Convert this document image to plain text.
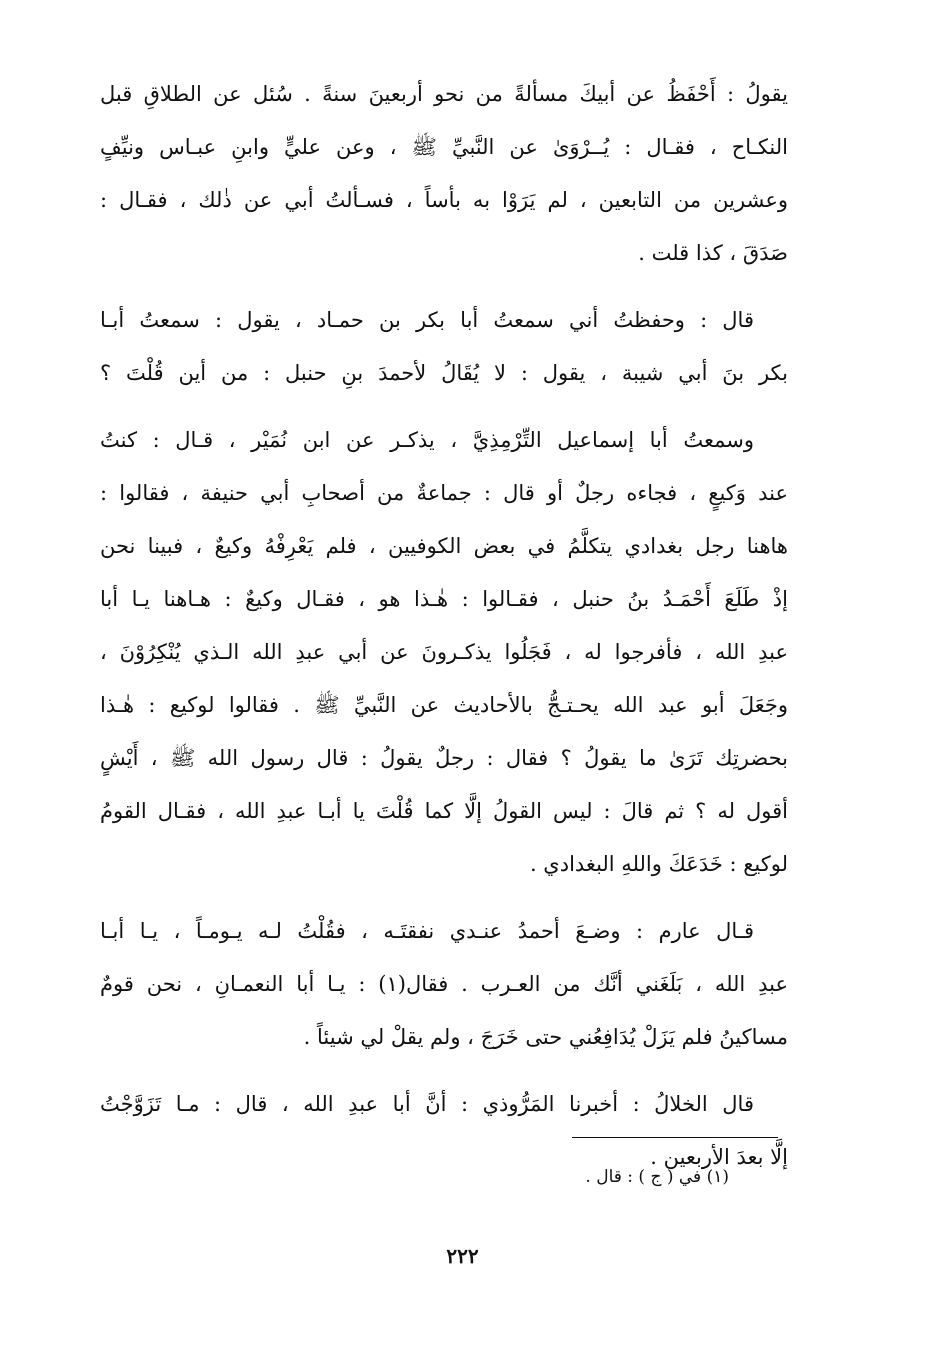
يقولُ : أَحْفَظُ عن أبيكَ مسألةً من نحو أربعينَ سنةً . سُئل عن الطلاقِ قبل
النكـاح ، فقـال : يُــرْوَىٰ عن النَّبيِّ ﷺ ، وعن عليٍّ وابنِ عبـاس ونيِّفٍ
وعشرين من التابعين ، لم يَرَوْا به بأساً ، فسـألتُ أبي عن ذٰلك ، فقـال :
صَدَقَ ، كذا قلت .
قال : وحفظتُ أني سمعتُ أبا بكر بن حمـاد ، يقول : سمعتُ أبـا
بكر بنَ أبي شيبة ، يقول : لا يُقَالُ لأحمدَ بنِ حنبل : من أين قُلْتَ ؟
وسمعتُ أبا إسماعيل التِّرْمِذِيَّ ، يذكـر عن ابن نُمَيْر ، قـال : كنتُ
عند وَكيعٍ ، فجاءه رجلٌ أو قال : جماعةٌ من أصحابِ أبي حنيفة ، فقالوا :
هاهنا رجل بغدادي يتكلَّمُ في بعض الكوفيين ، فلم يَعْرِفْهُ وكيعٌ ، فبينا نحن
إذْ طَلَعَ أَحْمَـدُ بنُ حنبل ، فقـالوا : هٰـذا هو ، فقـال وكيعٌ : هـاهنا يـا أبا
عبدِ الله ، فأفرجوا له ، فَجَلُوا يذكـرونَ عن أبي عبدِ الله الـذي يُنْكِرُوْنَ ،
وجَعَلَ أبو عبد الله يحـتـجُّ بالأحاديث عن النَّبيِّ ﷺ . فقالوا لوكيع : هٰـذا
بحضرتِك تَرَىٰ ما يقولُ ؟ فقال : رجلٌ يقولُ : قال رسول الله ﷺ ، أَيْشٍ
أقول له ؟ ثم قالَ : ليس القولُ إلَّا كما قُلْتَ يا أبـا عبدِ الله ، فقـال القومُ
لوكيع : خَدَعَكَ واللهِ البغدادي .
قـال عارم : وضـعَ أحمدُ عنـدي نفقتَـه ، فقُلْتُ لـه يـومـاً ، يـا أبـا
عبدِ الله ، بَلَغَني أنَّك من العـرب . فقال(١) : يـا أبا النعمـانِ ، نحن قومٌ
مساكينُ فلم يَزَلْ يُدَافِعُني حتى خَرَجَ ، ولم يقلْ لي شيئاً .
قال الخلالُ : أخبرنا المَرُّوذي : أنَّ أبا عبدِ الله ، قال : مـا تَزَوَّجْتُ
إلَّا بعدَ الأربعين .
(١) في ( ج ) : قال .
٢٢٢
